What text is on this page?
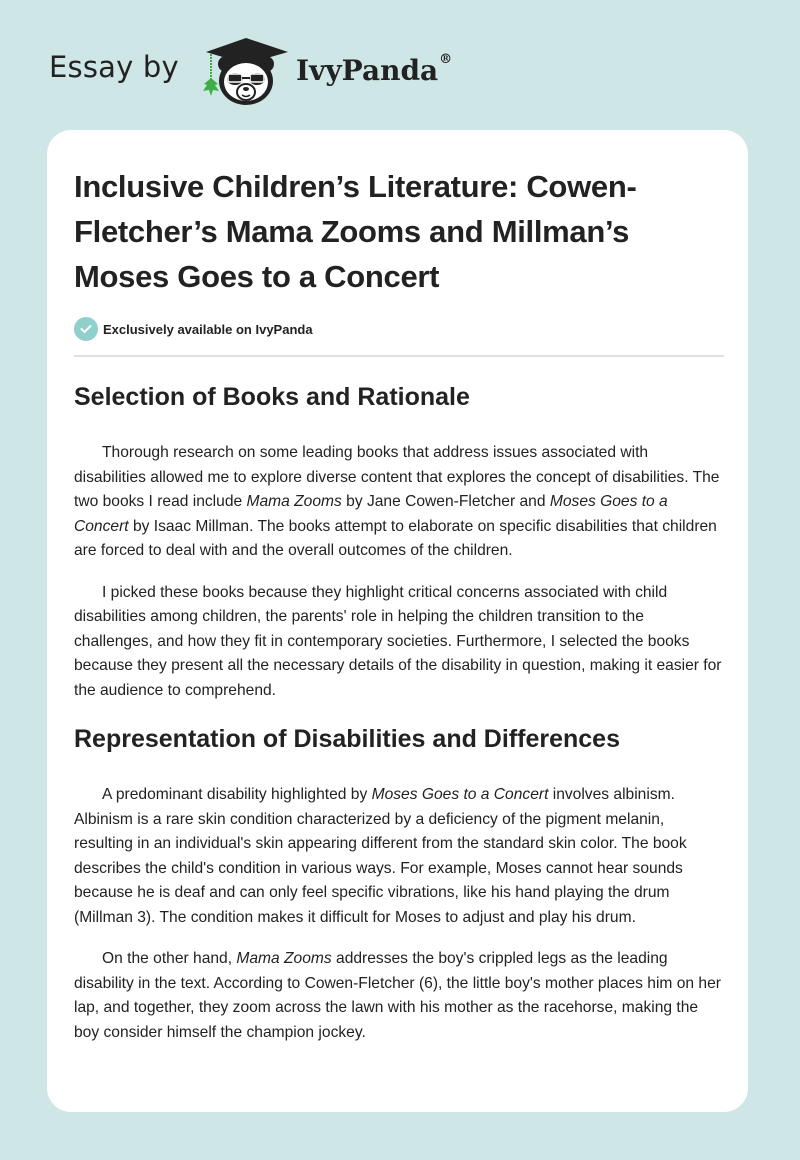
Essay by	IvyPanda®
Inclusive Children’s Literature: Cowen-Fletcher’s Mama Zooms and Millman’s Moses Goes to a Concert
Exclusively available on IvyPanda
Selection of Books and Rationale

Thorough research on some leading books that address issues associated with disabilities allowed me to explore diverse content that explores the concept of disabilities. The two books I read include Mama Zooms by Jane Cowen-Fletcher and Moses Goes to a Concert by Isaac Millman. The books attempt to elaborate on specific disabilities that children are forced to deal with and the overall outcomes of the children.

I picked these books because they highlight critical concerns associated with child disabilities among children, the parents' role in helping the children transition to the challenges, and how they fit in contemporary societies. Furthermore, I selected the books because they present all the necessary details of the disability in question, making it easier for the audience to comprehend.

Representation of Disabilities and Differences

A predominant disability highlighted by Moses Goes to a Concert involves albinism. Albinism is a rare skin condition characterized by a deficiency of the pigment melanin, resulting in an individual's skin appearing different from the standard skin color. The book describes the child's condition in various ways. For example, Moses cannot hear sounds because he is deaf and can only feel specific vibrations, like his hand playing the drum (Millman 3). The condition makes it difficult for Moses to adjust and play his drum.

On the other hand, Mama Zooms addresses the boy's crippled legs as the leading disability in the text. According to Cowen-Fletcher (6), the little boy's mother places him on her lap, and together, they zoom across the lawn with his mother as the racehorse, making the boy consider himself the champion jockey.
